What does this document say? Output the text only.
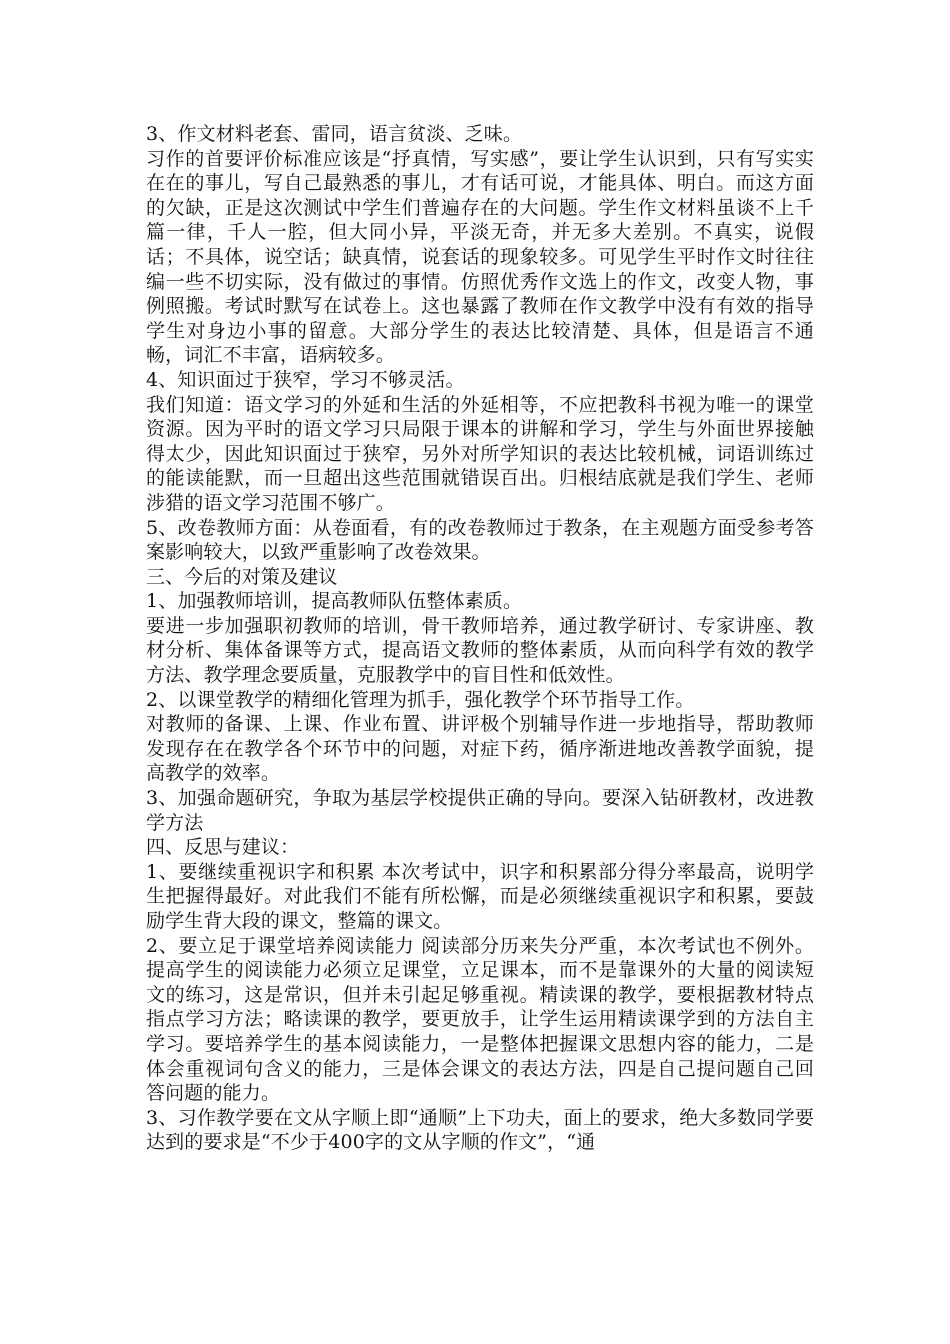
3、作文材料老套、雷同，语言贫淡、乏味。

习作的首要评价标准应该是“抒真情，写实感”，要让学生认识到，只有写实实在在的事儿，写自己最熟悉的事儿，才有话可说，才能具体、明白。而这方面的欠缺，正是这次测试中学生们普遍存在的大问题。学生作文材料虽谈不上千篇一律，千人一腔，但大同小异，平淡无奇，并无多大差别。不真实，说假话；不具体，说空话；缺真情，说套话的现象较多。可见学生平时作文时往往编一些不切实际，没有做过的事情。仿照优秀作文选上的作文，改变人物，事例照搬。考试时默写在试卷上。这也暴露了教师在作文教学中没有有效的指导学生对身边小事的留意。大部分学生的表达比较清楚、具体，但是语言不通畅，词汇不丰富，语病较多。

4、知识面过于狭窄，学习不够灵活。

我们知道：语文学习的外延和生活的外延相等，不应把教科书视为唯一的课堂资源。因为平时的语文学习只局限于课本的讲解和学习，学生与外面世界接触得太少，因此知识面过于狭窄，另外对所学知识的表达比较机械，词语训练过的能读能默，而一旦超出这些范围就错误百出。归根结底就是我们学生、老师涉猎的语文学习范围不够广。

5、改卷教师方面：从卷面看，有的改卷教师过于教条，在主观题方面受参考答案影响较大，以致严重影响了改卷效果。

三、今后的对策及建议

1、加强教师培训，提高教师队伍整体素质。

要进一步加强职初教师的培训，骨干教师培养，通过教学研讨、专家讲座、教材分析、集体备课等方式，提高语文教师的整体素质，从而向科学有效的教学方法、教学理念要质量，克服教学中的盲目性和低效性。

2、以课堂教学的精细化管理为抓手，强化教学个环节指导工作。

对教师的备课、上课、作业布置、讲评极个别辅导作进一步地指导，帮助教师发现存在在教学各个环节中的问题，对症下药，循序渐进地改善教学面貌，提高教学的效率。

3、加强命题研究，争取为基层学校提供正确的导向。要深入钻研教材，改进教学方法

四、反思与建议：

1、要继续重视识字和积累 本次考试中，识字和积累部分得分率最高，说明学生把握得最好。对此我们不能有所松懈，而是必须继续重视识字和积累，要鼓励学生背大段的课文，整篇的课文。

2、要立足于课堂培养阅读能力 阅读部分历来失分严重，本次考试也不例外。提高学生的阅读能力必须立足课堂，立足课本，而不是靠课外的大量的阅读短文的练习，这是常识，但并未引起足够重视。精读课的教学，要根据教材特点指点学习方法；略读课的教学，要更放手，让学生运用精读课学到的方法自主学习。要培养学生的基本阅读能力，一是整体把握课文思想内容的能力，二是体会重视词句含义的能力，三是体会课文的表达方法，四是自己提问题自己回答问题的能力。

3、习作教学要在文从字顺上即“通顺”上下功夫，面上的要求，绝大多数同学要达到的要求是“不少于400字的文从字顺的作文”，“通
